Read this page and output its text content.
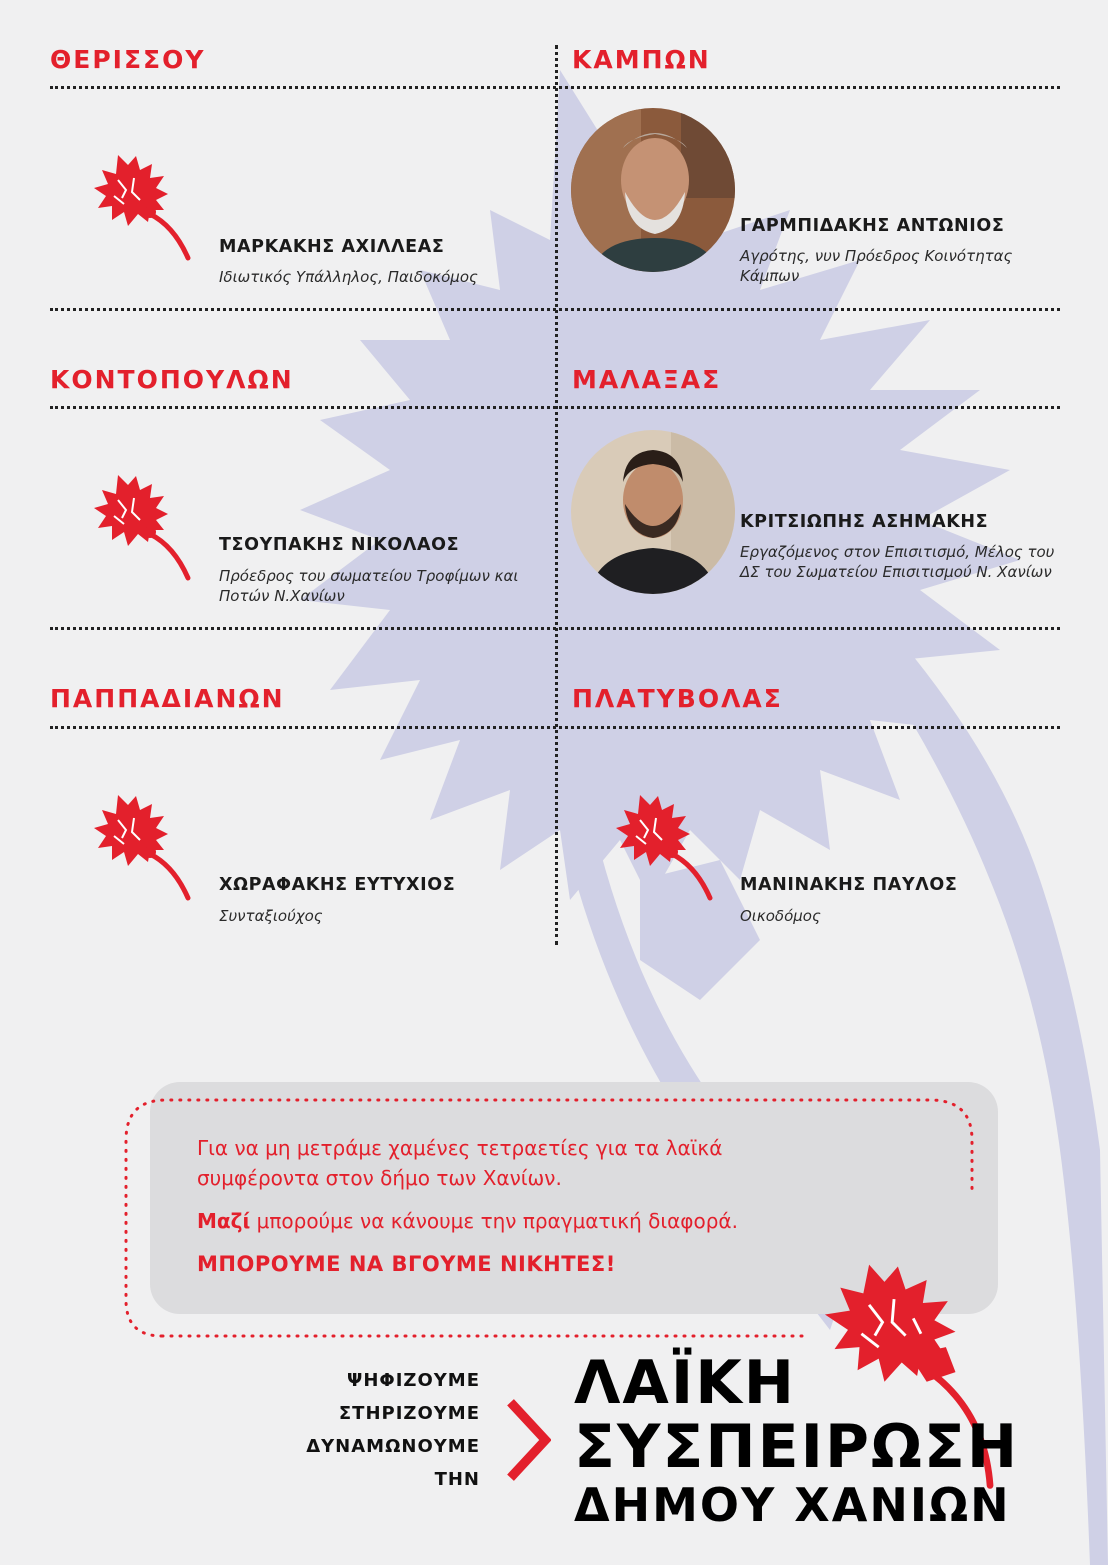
ΘΕΡΙΣΣΟΥ	ΚΑΜΠΩΝ

ΜΑΡΚΑΚΗΣ ΑΧΙΛΛΕΑΣ

Ιδιωτικός Υπάλληλος, Παιδοκόμος

ΓΑΡΜΠΙΔΑΚΗΣ ΑΝΤΩΝΙΟΣ

Αγρότης, νυν Πρόεδρος Κοινότητας Κάμπων

ΚΟΝΤΟΠΟΥΛΩΝ	ΜΑΛΑΞΑΣ

ΤΣΟΥΠΑΚΗΣ ΝΙΚΟΛΑΟΣ

Πρόεδρος του σωματείου Τροφίμων και Ποτών Ν.Χανίων

ΚΡΙΤΣΙΩΠΗΣ ΑΣΗΜΑΚΗΣ

Εργαζόμενος στον Επισιτισμό, Μέλος του ΔΣ του Σωματείου Επισιτισμού Ν. Χανίων

ΠΑΠΠΑΔΙΑΝΩΝ	ΠΛΑΤΥΒΟΛΑΣ

ΧΩΡΑΦΑΚΗΣ ΕΥΤΥΧΙΟΣ

Συνταξιούχος

ΜΑΝΙΝΑΚΗΣ ΠΑΥΛΟΣ

Οικοδόμος

Για να μη μετράμε χαμένες τετραετίες για τα λαϊκά

συμφέροντα στον δήμο των Χανίων.

Μαζί μπορούμε να κάνουμε την πραγματική διαφορά.

ΜΠΟΡΟΥΜΕ ΝΑ ΒΓΟΥΜΕ ΝΙΚΗΤΕΣ!

ΨΗΦΙΖΟΥΜΕ

ΣΤΗΡΙΖΟΥΜΕ

ΔΥΝΑΜΩΝΟΥΜΕ

ΤΗΝ

ΛΑΪΚΗ

ΣΥΣΠΕΙΡΩΣΗ

ΔΗΜΟΥ ΧΑΝΙΩΝ
